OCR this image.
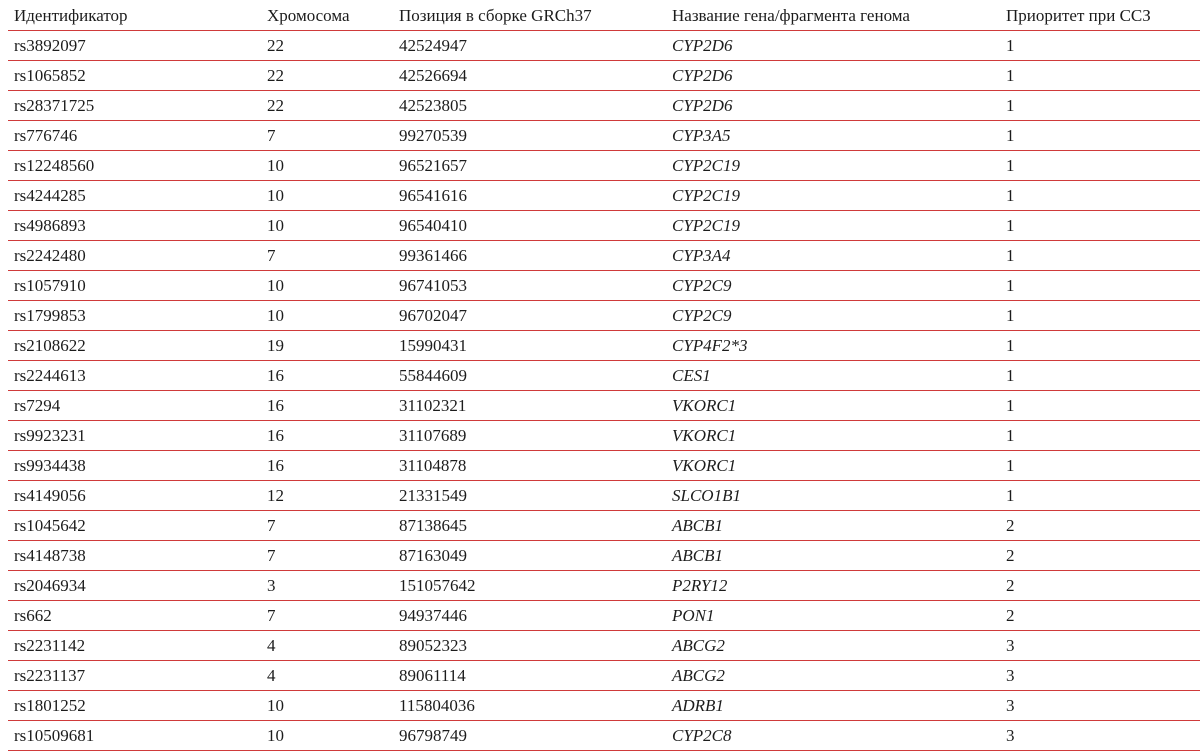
Идентификатор	Хромосома	Позиция в сборке GRCh37	Название гена/фрагмента генома	Приоритет при ССЗ
rs3892097	22	42524947	CYP2D6	1
rs1065852	22	42526694	CYP2D6	1
rs28371725	22	42523805	CYP2D6	1
rs776746	7	99270539	CYP3A5	1
rs12248560	10	96521657	CYP2C19	1
rs4244285	10	96541616	CYP2C19	1
rs4986893	10	96540410	CYP2C19	1
rs2242480	7	99361466	CYP3A4	1
rs1057910	10	96741053	CYP2C9	1
rs1799853	10	96702047	CYP2C9	1
rs2108622	19	15990431	CYP4F2*3	1
rs2244613	16	55844609	CES1	1
rs7294	16	31102321	VKORC1	1
rs9923231	16	31107689	VKORC1	1
rs9934438	16	31104878	VKORC1	1
rs4149056	12	21331549	SLCO1B1	1
rs1045642	7	87138645	ABCB1	2
rs4148738	7	87163049	ABCB1	2
rs2046934	3	151057642	P2RY12	2
rs662	7	94937446	PON1	2
rs2231142	4	89052323	ABCG2	3
rs2231137	4	89061114	ABCG2	3
rs1801252	10	115804036	ADRB1	3
rs10509681	10	96798749	CYP2C8	3
